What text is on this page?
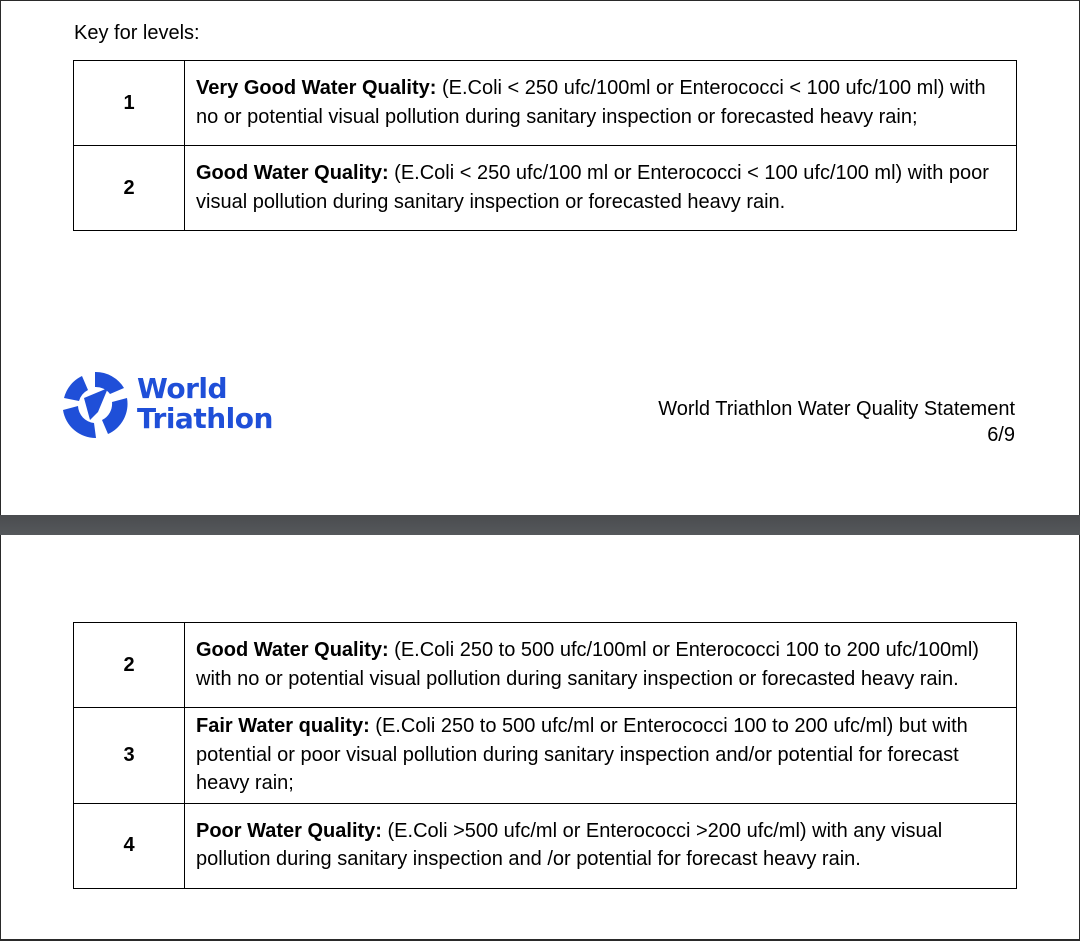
Key for levels:
1	Very Good Water Quality: (E.Coli < 250 ufc/100ml or Enterococci < 100 ufc/100 ml) with no or potential visual pollution during sanitary inspection or forecasted heavy rain;
2	Good Water Quality: (E.Coli < 250 ufc/100 ml or Enterococci < 100 ufc/100 ml) with poor visual pollution during sanitary inspection or forecasted heavy rain.
World
Triathlon	World Triathlon Water Quality Statement
6/9
2	Good Water Quality: (E.Coli 250 to 500 ufc/100ml or Enterococci 100 to 200 ufc/100ml) with no or potential visual pollution during sanitary inspection or forecasted heavy rain.
3	Fair Water quality: (E.Coli 250 to 500 ufc/ml or Enterococci 100 to 200 ufc/ml) but with potential or poor visual pollution during sanitary inspection and/or potential for forecast heavy rain;
4	Poor Water Quality: (E.Coli >500 ufc/ml or Enterococci >200 ufc/ml) with any visual pollution during sanitary inspection and /or potential for forecast heavy rain.
